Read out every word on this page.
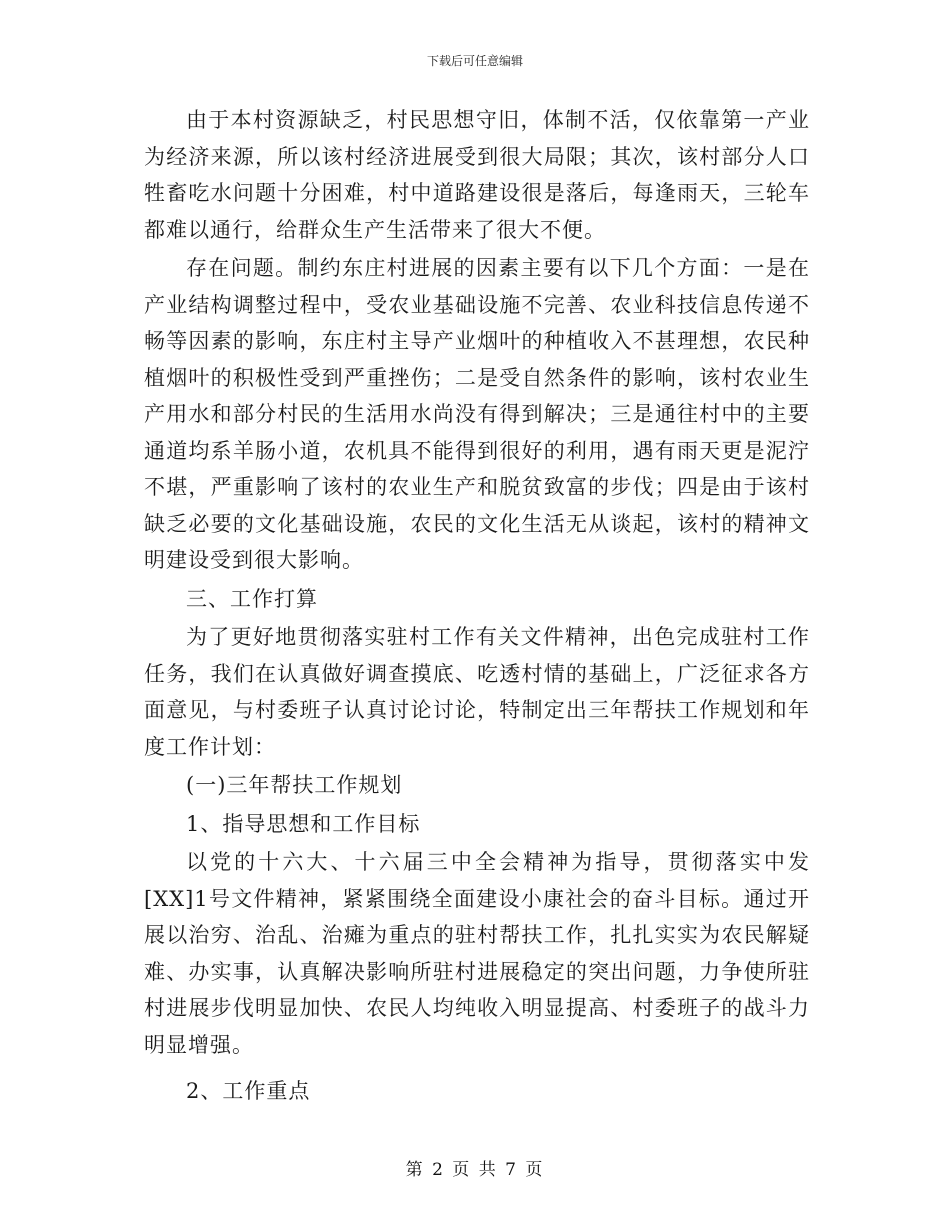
下载后可任意编辑

由于本村资源缺乏，村民思想守旧，体制不活，仅依靠第一产业为经济来源，所以该村经济进展受到很大局限；其次，该村部分人口牲畜吃水问题十分困难，村中道路建设很是落后，每逢雨天，三轮车都难以通行，给群众生产生活带来了很大不便。

存在问题。制约东庄村进展的因素主要有以下几个方面：一是在产业结构调整过程中，受农业基础设施不完善、农业科技信息传递不畅等因素的影响，东庄村主导产业烟叶的种植收入不甚理想，农民种植烟叶的积极性受到严重挫伤；二是受自然条件的影响，该村农业生产用水和部分村民的生活用水尚没有得到解决；三是通往村中的主要通道均系羊肠小道，农机具不能得到很好的利用，遇有雨天更是泥泞不堪，严重影响了该村的农业生产和脱贫致富的步伐；四是由于该村缺乏必要的文化基础设施，农民的文化生活无从谈起，该村的精神文明建设受到很大影响。

三、工作打算

为了更好地贯彻落实驻村工作有关文件精神，出色完成驻村工作任务，我们在认真做好调查摸底、吃透村情的基础上，广泛征求各方面意见，与村委班子认真讨论讨论，特制定出三年帮扶工作规划和年度工作计划：

(一)三年帮扶工作规划

1、指导思想和工作目标

以党的十六大、十六届三中全会精神为指导，贯彻落实中发[XX]1号文件精神，紧紧围绕全面建设小康社会的奋斗目标。通过开展以治穷、治乱、治瘫为重点的驻村帮扶工作，扎扎实实为农民解疑难、办实事，认真解决影响所驻村进展稳定的突出问题，力争使所驻村进展步伐明显加快、农民人均纯收入明显提高、村委班子的战斗力明显增强。

2、工作重点

第 2 页 共 7 页
